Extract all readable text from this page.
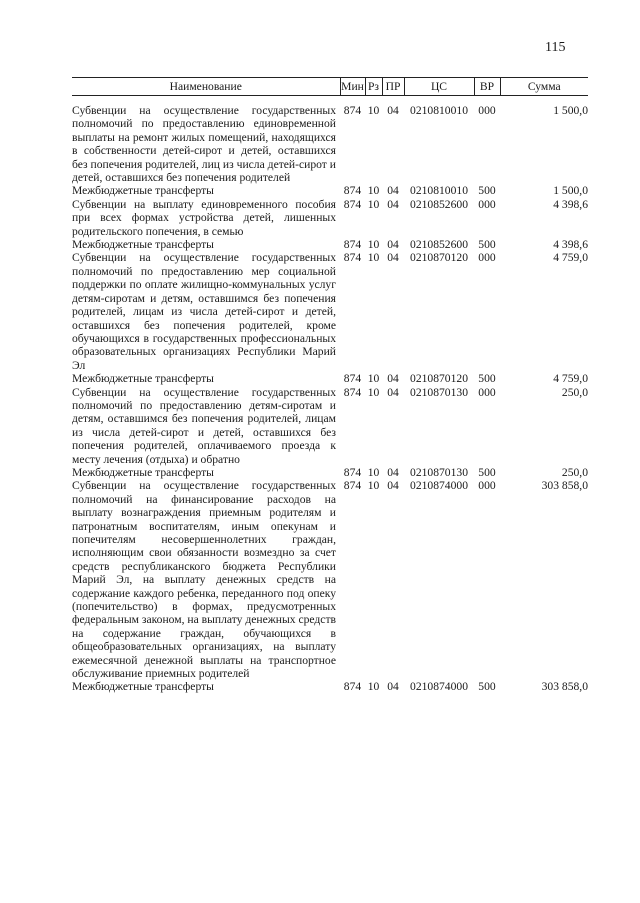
115
Наименование	Мин	Рз	ПР	ЦС	ВР	Сумма
Субвенции на осуществление государственных полномочий по предоставлению единовременной выплаты на ремонт жилых помещений, находящихся в собственности детей-сирот и детей, оставшихся без попечения родителей, лиц из числа детей-сирот и детей, оставшихся без попечения родителей	874	10	04	0210810010	000	1 500,0
Межбюджетные трансферты	874	10	04	0210810010	500	1 500,0
Субвенции на выплату единовременного пособия при всех формах устройства детей, лишенных родительского попечения, в семью	874	10	04	0210852600	000	4 398,6
Межбюджетные трансферты	874	10	04	0210852600	500	4 398,6
Субвенции на осуществление государственных полномочий по предоставлению мер социальной поддержки по оплате жилищно-коммунальных услуг детям-сиротам и детям, оставшимся без попечения родителей, лицам из числа детей-сирот и детей, оставшихся без попечения родителей, кроме обучающихся в государственных профессиональных образовательных организациях Республики Марий Эл	874	10	04	0210870120	000	4 759,0
Межбюджетные трансферты	874	10	04	0210870120	500	4 759,0
Субвенции на осуществление государственных полномочий по предоставлению детям-сиротам и детям, оставшимся без попечения родителей, лицам из числа детей-сирот и детей, оставшихся без попечения родителей, оплачиваемого проезда к месту лечения (отдыха) и обратно	874	10	04	0210870130	000	250,0
Межбюджетные трансферты	874	10	04	0210870130	500	250,0
Субвенции на осуществление государственных полномочий на финансирование расходов на выплату вознаграждения приемным родителям и патронатным воспитателям, иным опекунам и попечителям несовершеннолетних граждан, исполняющим свои обязанности возмездно за счет средств республиканского бюджета Республики Марий Эл, на выплату денежных средств на содержание каждого ребенка, переданного под опеку (попечительство) в формах, предусмотренных федеральным законом, на выплату денежных средств на содержание граждан, обучающихся в общеобразовательных организациях, на выплату ежемесячной денежной выплаты на транспортное обслуживание приемных родителей	874	10	04	0210874000	000	303 858,0
Межбюджетные трансферты	874	10	04	0210874000	500	303 858,0
